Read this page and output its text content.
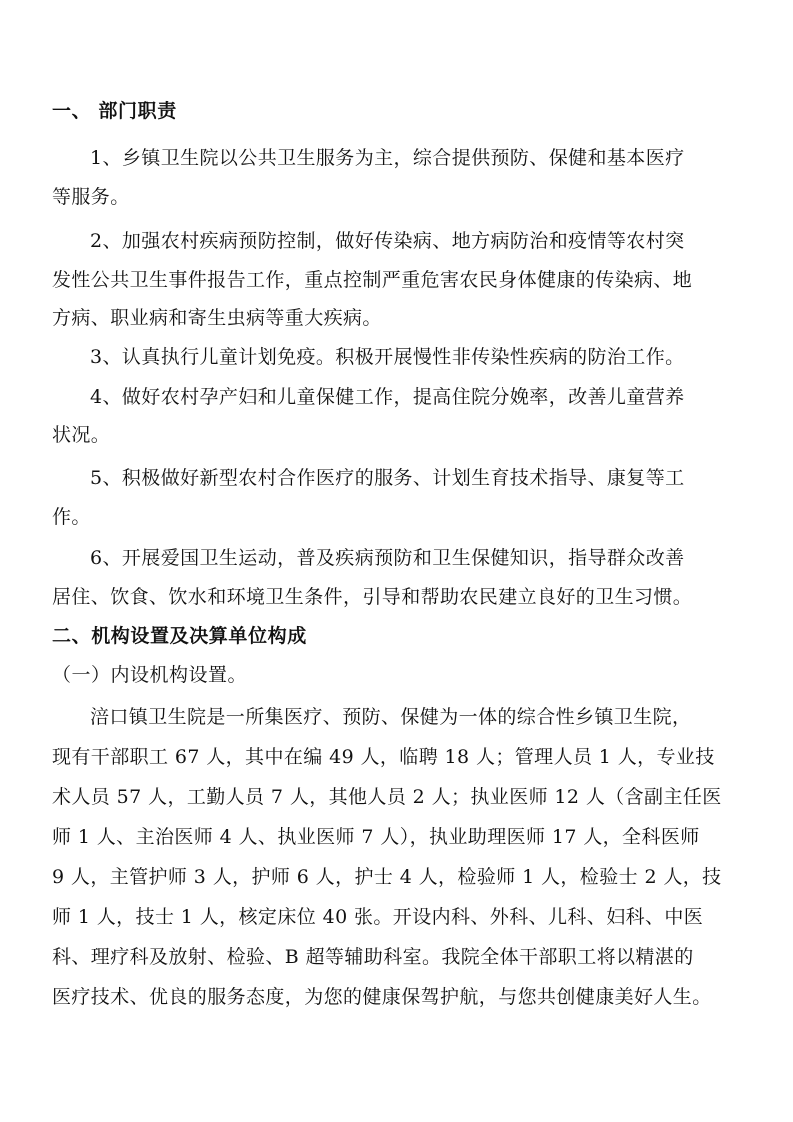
一、 部门职责
1、乡镇卫生院以公共卫生服务为主，综合提供预防、保健和基本医疗
等服务。
2、加强农村疾病预防控制，做好传染病、地方病防治和疫情等农村突
发性公共卫生事件报告工作，重点控制严重危害农民身体健康的传染病、地
方病、职业病和寄生虫病等重大疾病。
3、认真执行儿童计划免疫。积极开展慢性非传染性疾病的防治工作。
4、做好农村孕产妇和儿童保健工作，提高住院分娩率，改善儿童营养
状况。
5、积极做好新型农村合作医疗的服务、计划生育技术指导、康复等工
作。
6、开展爱国卫生运动，普及疾病预防和卫生保健知识，指导群众改善
居住、饮食、饮水和环境卫生条件，引导和帮助农民建立良好的卫生习惯。
二、机构设置及决算单位构成
（一）内设机构设置。
涪口镇卫生院是一所集医疗、预防、保健为一体的综合性乡镇卫生院，
现有干部职工 67 人，其中在编 49 人，临聘 18 人；管理人员 1 人，专业技
术人员 57 人，工勤人员 7 人，其他人员 2 人；执业医师 12 人（含副主任医
师 1 人、主治医师 4 人、执业医师 7 人），执业助理医师 17 人，全科医师
9 人，主管护师 3 人，护师 6 人，护士 4 人，检验师 1 人，检验士 2 人，技
师 1 人，技士 1 人，核定床位 40 张。开设内科、外科、儿科、妇科、中医
科、理疗科及放射、检验、B 超等辅助科室。我院全体干部职工将以精湛的
医疗技术、优良的服务态度，为您的健康保驾护航，与您共创健康美好人生。
